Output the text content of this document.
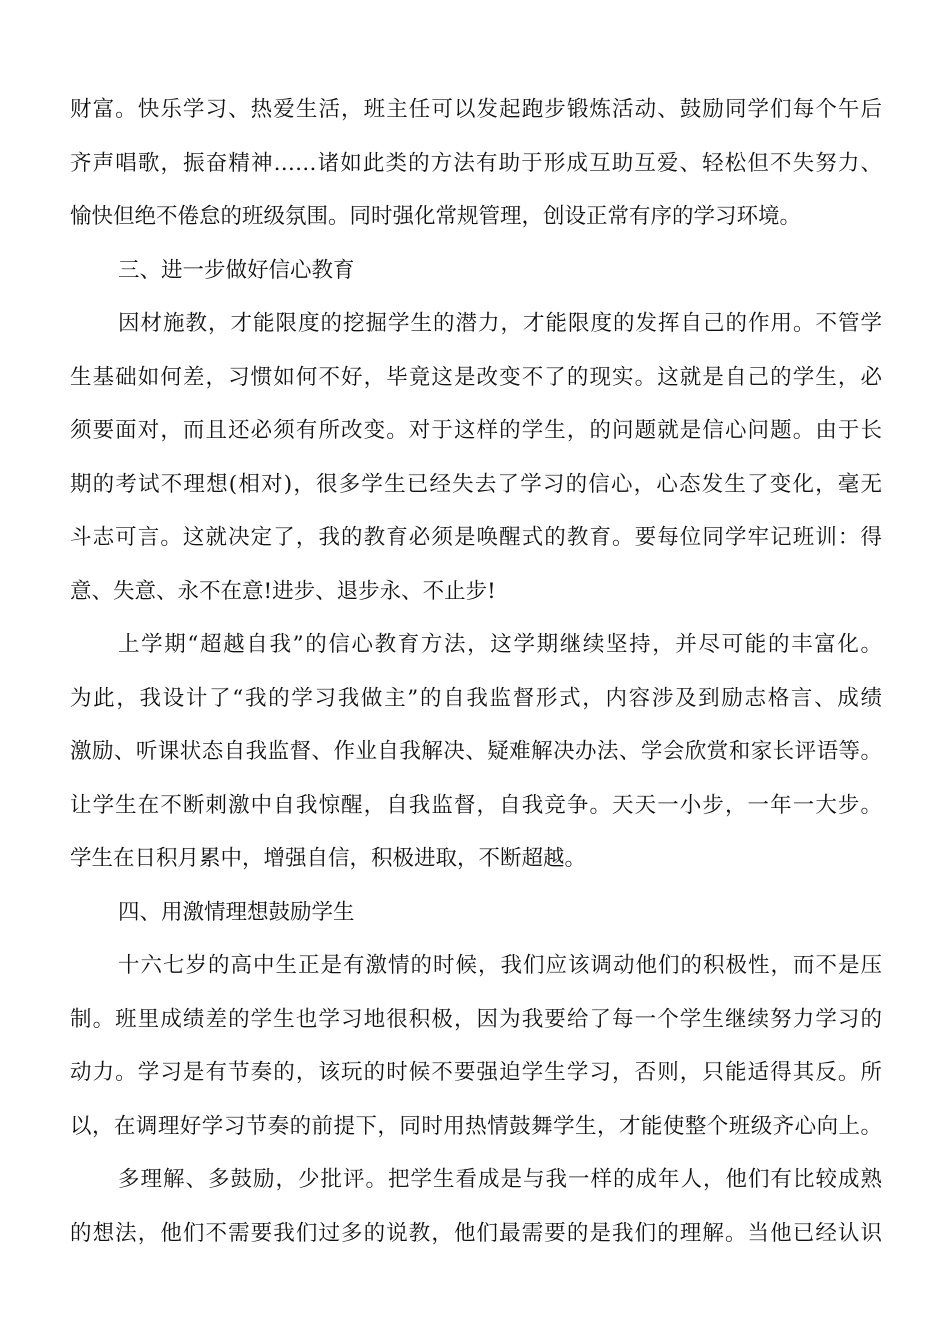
财富。快乐学习、热爱生活，班主任可以发起跑步锻炼活动、鼓励同学们每个午后
齐声唱歌，振奋精神……诸如此类的方法有助于形成互助互爱、轻松但不失努力、
愉快但绝不倦怠的班级氛围。同时强化常规管理，创设正常有序的学习环境。
三、进一步做好信心教育
因材施教，才能限度的挖掘学生的潜力，才能限度的发挥自己的作用。不管学
生基础如何差，习惯如何不好，毕竟这是改变不了的现实。这就是自己的学生，必
须要面对，而且还必须有所改变。对于这样的学生，的问题就是信心问题。由于长
期的考试不理想(相对)，很多学生已经失去了学习的信心，心态发生了变化，毫无
斗志可言。这就决定了，我的教育必须是唤醒式的教育。要每位同学牢记班训：得
意、失意、永不在意!进步、退步永、不止步!
上学期“超越自我”的信心教育方法，这学期继续坚持，并尽可能的丰富化。
为此，我设计了“我的学习我做主”的自我监督形式，内容涉及到励志格言、成绩
激励、听课状态自我监督、作业自我解决、疑难解决办法、学会欣赏和家长评语等。
让学生在不断刺激中自我惊醒，自我监督，自我竞争。天天一小步，一年一大步。
学生在日积月累中，增强自信，积极进取，不断超越。
四、用激情理想鼓励学生
十六七岁的高中生正是有激情的时候，我们应该调动他们的积极性，而不是压
制。班里成绩差的学生也学习地很积极，因为我要给了每一个学生继续努力学习的
动力。学习是有节奏的，该玩的时候不要强迫学生学习，否则，只能适得其反。所
以，在调理好学习节奏的前提下，同时用热情鼓舞学生，才能使整个班级齐心向上。
多理解、多鼓励，少批评。把学生看成是与我一样的成年人，他们有比较成熟
的想法，他们不需要我们过多的说教，他们最需要的是我们的理解。当他已经认识
